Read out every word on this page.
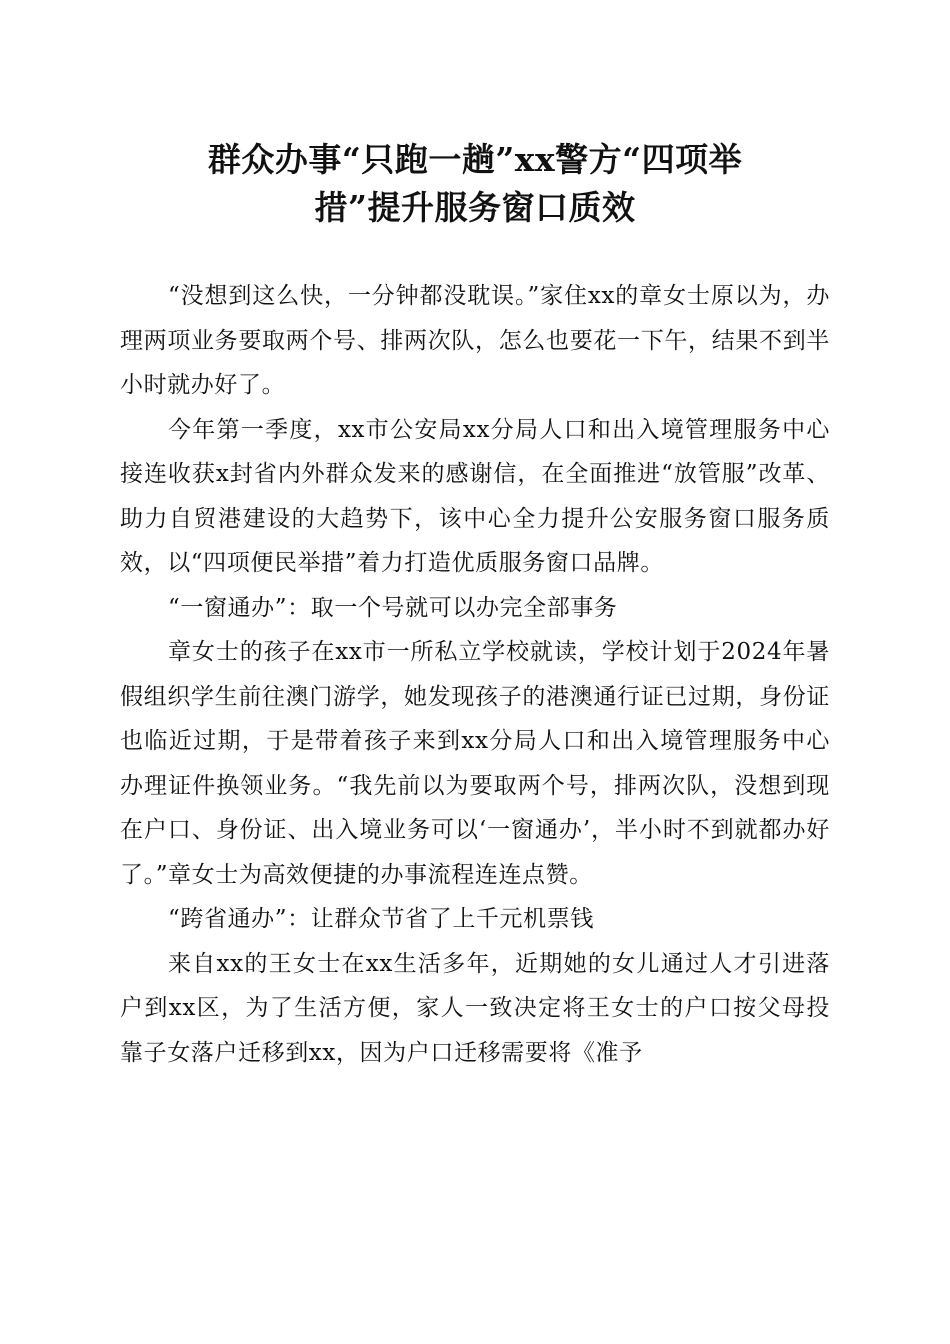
群众办事“只跑一趟”xx警方“四项举
措”提升服务窗口质效

“没想到这么快，一分钟都没耽误。”家住xx的章女士原以为，办理两项业务要取两个号、排两次队，怎么也要花一下午，结果不到半小时就办好了。

今年第一季度，xx市公安局xx分局人口和出入境管理服务中心接连收获x封省内外群众发来的感谢信，在全面推进“放管服”改革、助力自贸港建设的大趋势下，该中心全力提升公安服务窗口服务质效，以“四项便民举措”着力打造优质服务窗口品牌。

“一窗通办”：取一个号就可以办完全部事务

章女士的孩子在xx市一所私立学校就读，学校计划于2024年暑假组织学生前往澳门游学，她发现孩子的港澳通行证已过期，身份证也临近过期，于是带着孩子来到xx分局人口和出入境管理服务中心办理证件换领业务。“我先前以为要取两个号，排两次队，没想到现在户口、身份证、出入境业务可以‘一窗通办’，半小时不到就都办好了。”章女士为高效便捷的办事流程连连点赞。

“跨省通办”：让群众节省了上千元机票钱

来自xx的王女士在xx生活多年，近期她的女儿通过人才引进落户到xx区，为了生活方便，家人一致决定将王女士的户口按父母投靠子女落户迁移到xx，因为户口迁移需要将《准予
